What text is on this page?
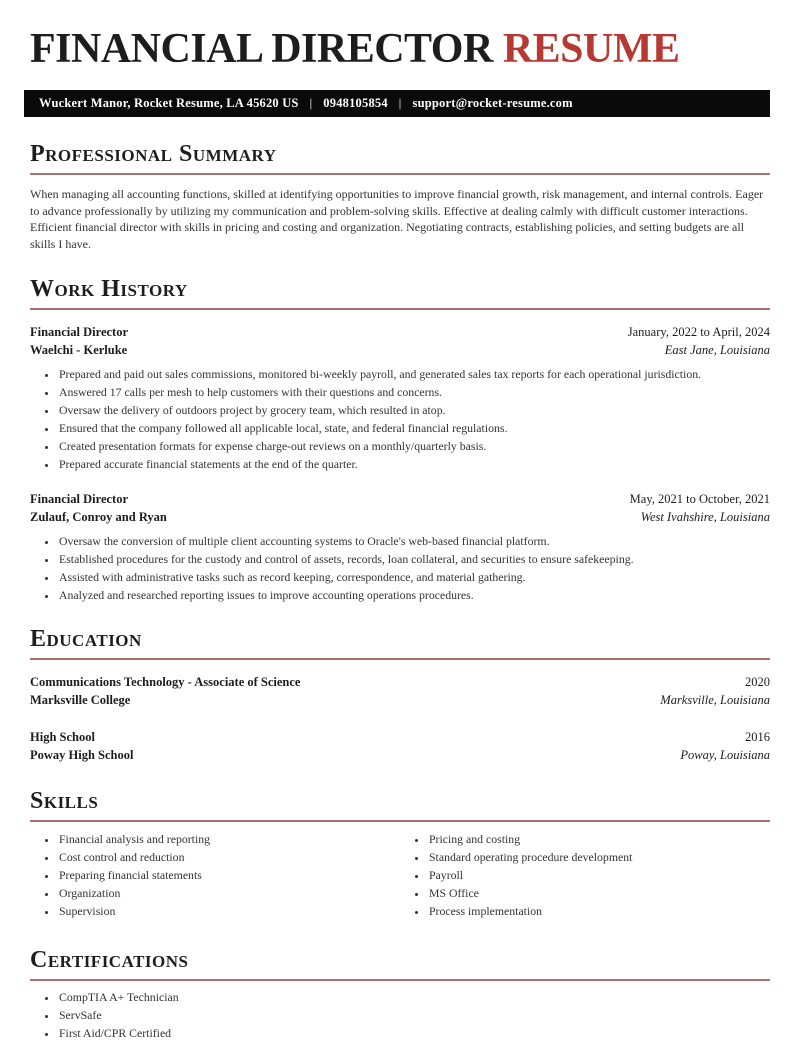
FINANCIAL DIRECTOR RESUME
Wuckert Manor, Rocket Resume, LA 45620 US | 0948105854 | support@rocket-resume.com
Professional Summary

When managing all accounting functions, skilled at identifying opportunities to improve financial growth, risk management, and internal controls. Eager to advance professionally by utilizing my communication and problem-solving skills. Effective at dealing calmly with difficult customer interactions. Efficient financial director with skills in pricing and costing and organization. Negotiating contracts, establishing policies, and setting budgets are all skills I have.

Work History
Financial Director	January, 2022 to April, 2024
Waelchi - Kerluke	East Jane, Louisiana
• Prepared and paid out sales commissions, monitored bi-weekly payroll, and generated sales tax reports for each operational jurisdiction.
• Answered 17 calls per mesh to help customers with their questions and concerns.
• Oversaw the delivery of outdoors project by grocery team, which resulted in atop.
• Ensured that the company followed all applicable local, state, and federal financial regulations.
• Created presentation formats for expense charge-out reviews on a monthly/quarterly basis.
• Prepared accurate financial statements at the end of the quarter.
Financial Director	May, 2021 to October, 2021
Zulauf, Conroy and Ryan	West Ivahshire, Louisiana
• Oversaw the conversion of multiple client accounting systems to Oracle's web-based financial platform.
• Established procedures for the custody and control of assets, records, loan collateral, and securities to ensure safekeeping.
• Assisted with administrative tasks such as record keeping, correspondence, and material gathering.
• Analyzed and researched reporting issues to improve accounting operations procedures.
Education
Communications Technology - Associate of Science	2020
Marksville College	Marksville, Louisiana
High School	2016
Poway High School	Poway, Louisiana
Skills
• Financial analysis and reporting
• Cost control and reduction
• Preparing financial statements
• Organization
• Supervision
• Pricing and costing
• Standard operating procedure development
• Payroll
• MS Office
• Process implementation
Certifications
• CompTIA A+ Technician
• ServSafe
• First Aid/CPR Certified
